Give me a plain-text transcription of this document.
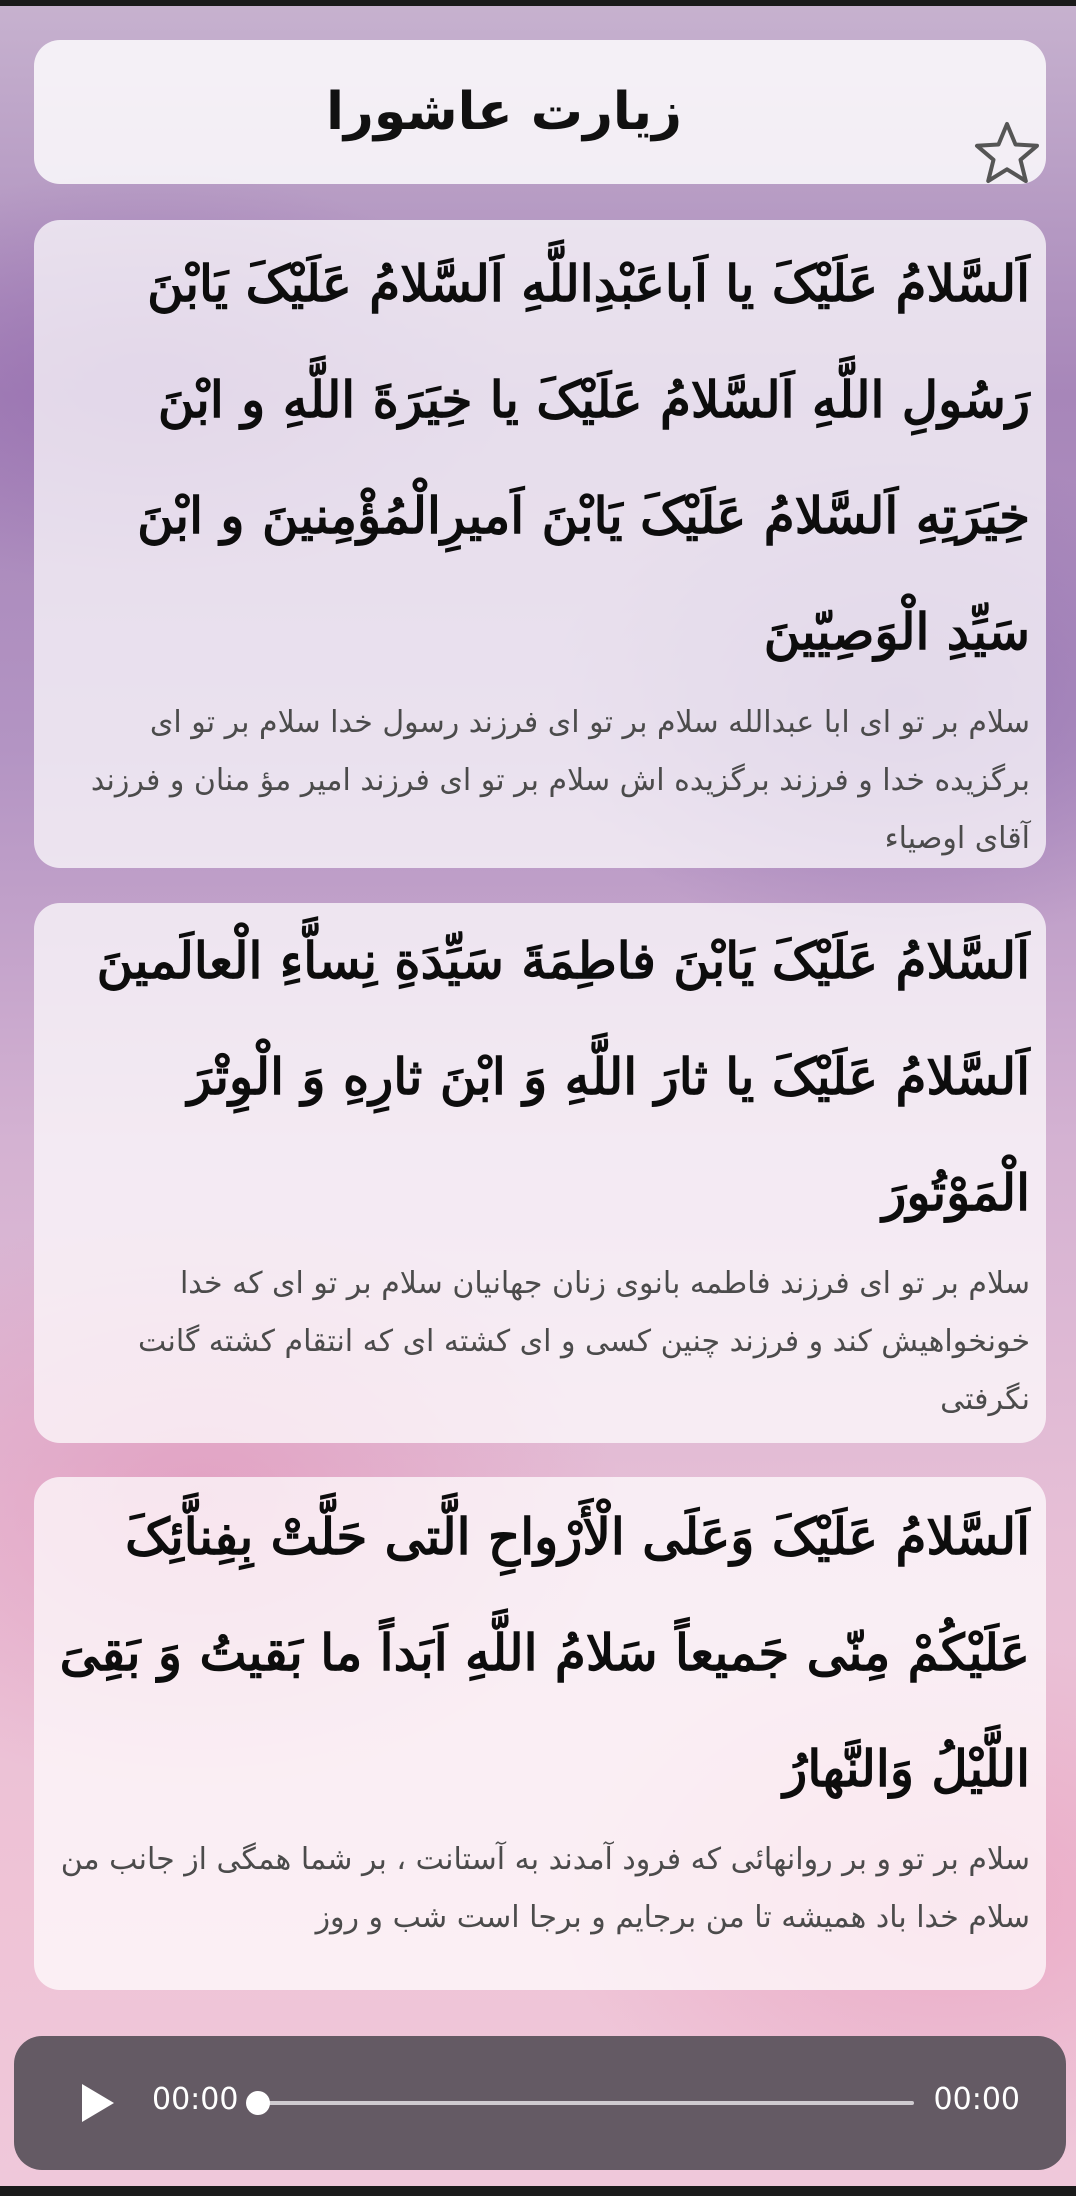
زیارت عاشورا

اَلسَّلامُ عَلَیْکَ یا اَباعَبْدِاللَّهِ اَلسَّلامُ عَلَیْکَ یَابْنَ رَسُولِ اللَّهِ اَلسَّلامُ عَلَیْکَ یا خِیَرَةَ اللَّهِ و ابْنَ خِیَرَتِهِ اَلسَّلامُ عَلَیْکَ یَابْنَ اَمیرِالْمُؤْمِنینَ و ابْنَ سَیِّدِ الْوَصِیّینَ

سلام بر تو ای ابا عبدالله سلام بر تو ای فرزند رسول خدا سلام بر تو ای برگزیده خدا و فرزند برگزیده اش سلام بر تو ای فرزند امیر مؤ منان و فرزند آقای اوصیاء

اَلسَّلامُ عَلَیْکَ یَابْنَ فاطِمَةَ سَیِّدَةِ نِساَّءِ الْعالَمینَ اَلسَّلامُ عَلَیْکَ یا ثارَ اللَّهِ وَ ابْنَ ثارِهِ وَ الْوِتْرَ الْمَوْتُورَ

سلام بر تو ای فرزند فاطمه بانوی زنان جهانیان سلام بر تو ای که خدا خونخواهیش کند و فرزند چنین کسی و ای کشته ای که انتقام کشته گانت نگرفتی

اَلسَّلامُ عَلَیْکَ وَعَلَی الْأَرْواحِ الَّتی حَلَّتْ بِفِناَّئِکَ عَلَیْکُمْ مِنّی جَمیعاً سَلامُ اللَّهِ اَبَداً ما بَقیتُ وَ بَقِیَ اللَّیْلُ وَالنَّهارُ

سلام بر تو و بر روانهائی که فرود آمدند به آستانت ، بر شما همگی از جانب من سلام خدا باد همیشه تا من برجایم و برجا است شب و روز

00:00	00:00
